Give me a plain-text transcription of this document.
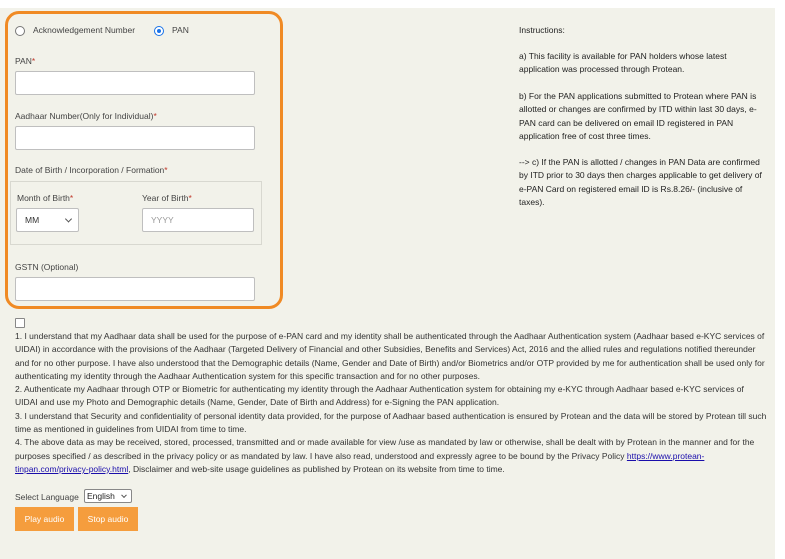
Acknowledgement Number	PAN
PAN*
Aadhaar Number(Only for Individual)*
Date of Birth / Incorporation / Formation*
Month of Birth*
MM
Year of Birth*
YYYY
GSTN (Optional)
Instructions:
a) This facility is available for PAN holders whose latest application was processed through Protean.
b) For the PAN applications submitted to Protean where PAN is allotted or changes are confirmed by ITD within last 30 days, e-PAN card can be delivered on email ID registered in PAN application free of cost three times.
--> c) If the PAN is allotted / changes in PAN Data are confirmed by ITD prior to 30 days then charges applicable to get delivery of e-PAN Card on registered email ID is Rs.8.26/- (inclusive of taxes).
1. I understand that my Aadhaar data shall be used for the purpose of e-PAN card and my identity shall be authenticated through the Aadhaar Authentication system (Aadhaar based e-KYC services of UIDAI) in accordance with the provisions of the Aadhaar (Targeted Delivery of Financial and other Subsidies, Benefits and Services) Act, 2016 and the allied rules and regulations notified thereunder and for no other purpose. I have also understood that the Demographic details (Name, Gender and Date of Birth) and/or Biometrics and/or OTP provided by me for authentication shall be used only for authenticating my identity through the Aadhaar Authentication system for this specific transaction and for no other purposes.
2. Authenticate my Aadhaar through OTP or Biometric for authenticating my identity through the Aadhaar Authentication system for obtaining my e-KYC through Aadhaar based e-KYC services of UIDAI and use my Photo and Demographic details (Name, Gender, Date of Birth and Address) for e-Signing the PAN application.
3. I understand that Security and confidentiality of personal identity data provided, for the purpose of Aadhaar based authentication is ensured by Protean and the data will be stored by Protean till such time as mentioned in guidelines from UIDAI from time to time.
4. The above data as may be received, stored, processed, transmitted and or made available for view /use as mandated by law or otherwise, shall be dealt with by Protean in the manner and for the purposes specified / as described in the privacy policy or as mandated by law. I have also read, understood and expressly agree to be bound by the Privacy Policy https://www.protean-tinpan.com/privacy-policy.html, Disclaimer and web-site usage guidelines as published by Protean on its website from time to time.
Select Language English
Play audio	Stop audio
